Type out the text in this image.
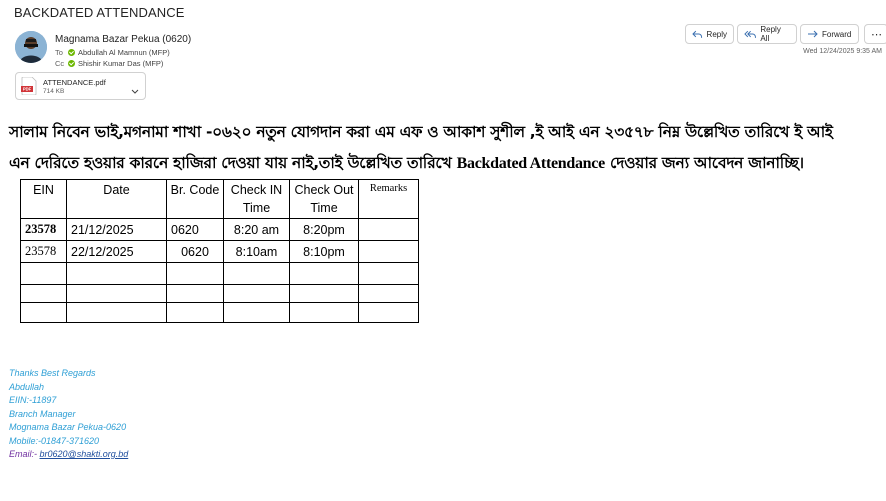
BACKDATED ATTENDANCE
Magnama Bazar Pekua (0620)
To Abdullah Al Mamnun (MFP)
Cc Shishir Kumar Das (MFP)
PDF
ATTENDANCE.pdf
714 KB
Reply	Reply All	Forward ⋯
Wed 12/24/2025 9:35 AM
সালাম নিবেন ভাই,মগনামা শাখা -০৬২০ নতুন যোগদান করা এম এফ ও আকাশ সুশীল ,ই আই এন ২৩৫৭৮ নিম্ন উল্লেখিত তারিখে ই আই
এন দেরিতে হওয়ার কারনে হাজিরা দেওয়া যায় নাই,তাই উল্লেখিত তারিখে Backdated Attendance দেওয়ার জন্য আবেদন জানাচ্ছি।
EIN	Date	Br. Code	Check IN Time	Check Out Time	Remarks
23578	21/12/2025	0620	8:20 am	8:20pm	
23578	22/12/2025	0620	8:10am	8:10pm	

Thanks Best Regards
Abdullah
EIIN:-11897
Branch Manager
Mognama Bazar Pekua-0620
Mobile:-01847-371620
Email:- br0620@shakti.org.bd
